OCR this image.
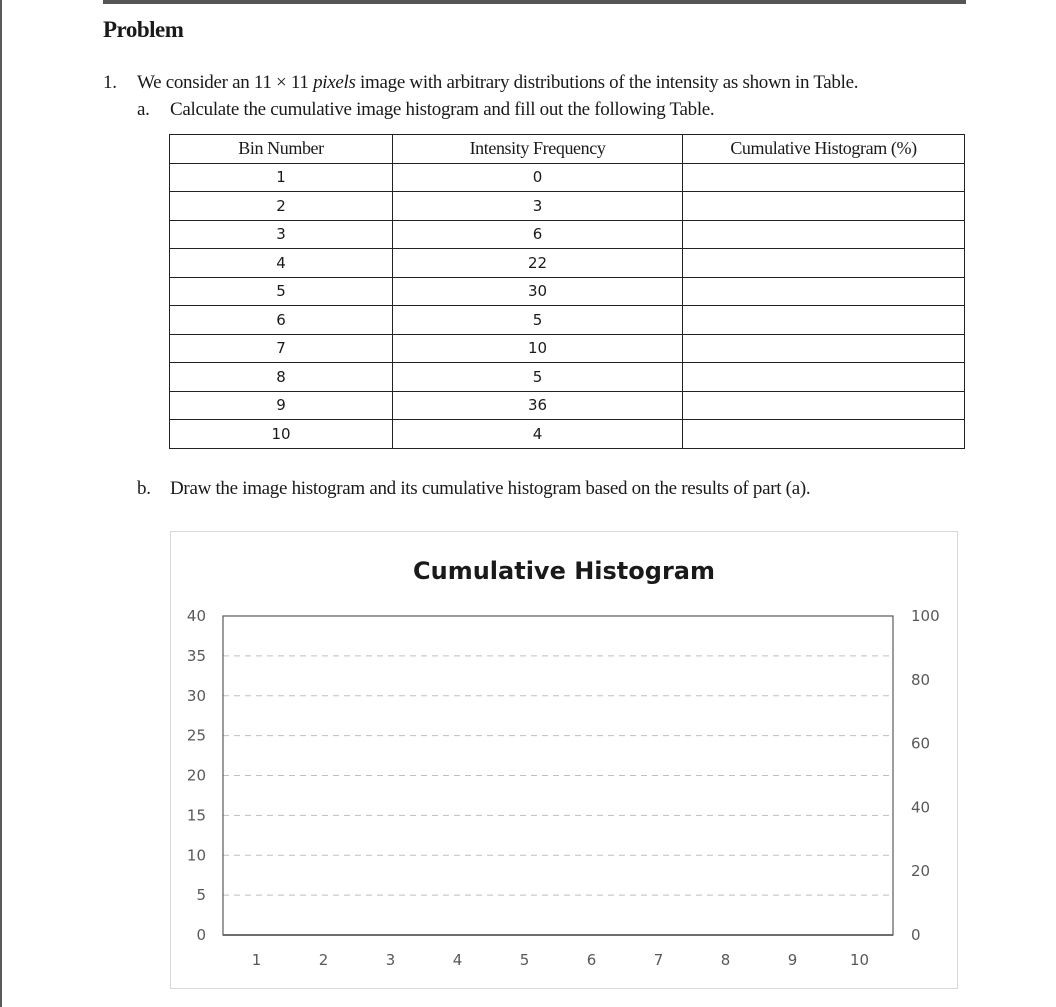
Problem
1. We consider an 11 × 11 pixels image with arbitrary distributions of the intensity as shown in Table.
a. Calculate the cumulative image histogram and fill out the following Table.
Bin Number	Intensity Frequency	Cumulative Histogram (%)
1	0	
2	3	
3	6	
4	22	
5	30	
6	5	
7	10	
8	5	
9	36	
10	4	
b. Draw the image histogram and its cumulative histogram based on the results of part (a).
Cumulative Histogram
0
5
10
15
20
25
30
35
40
0
20
40
60
80
100
1	2	3	4	5	6	7	8	9	10
